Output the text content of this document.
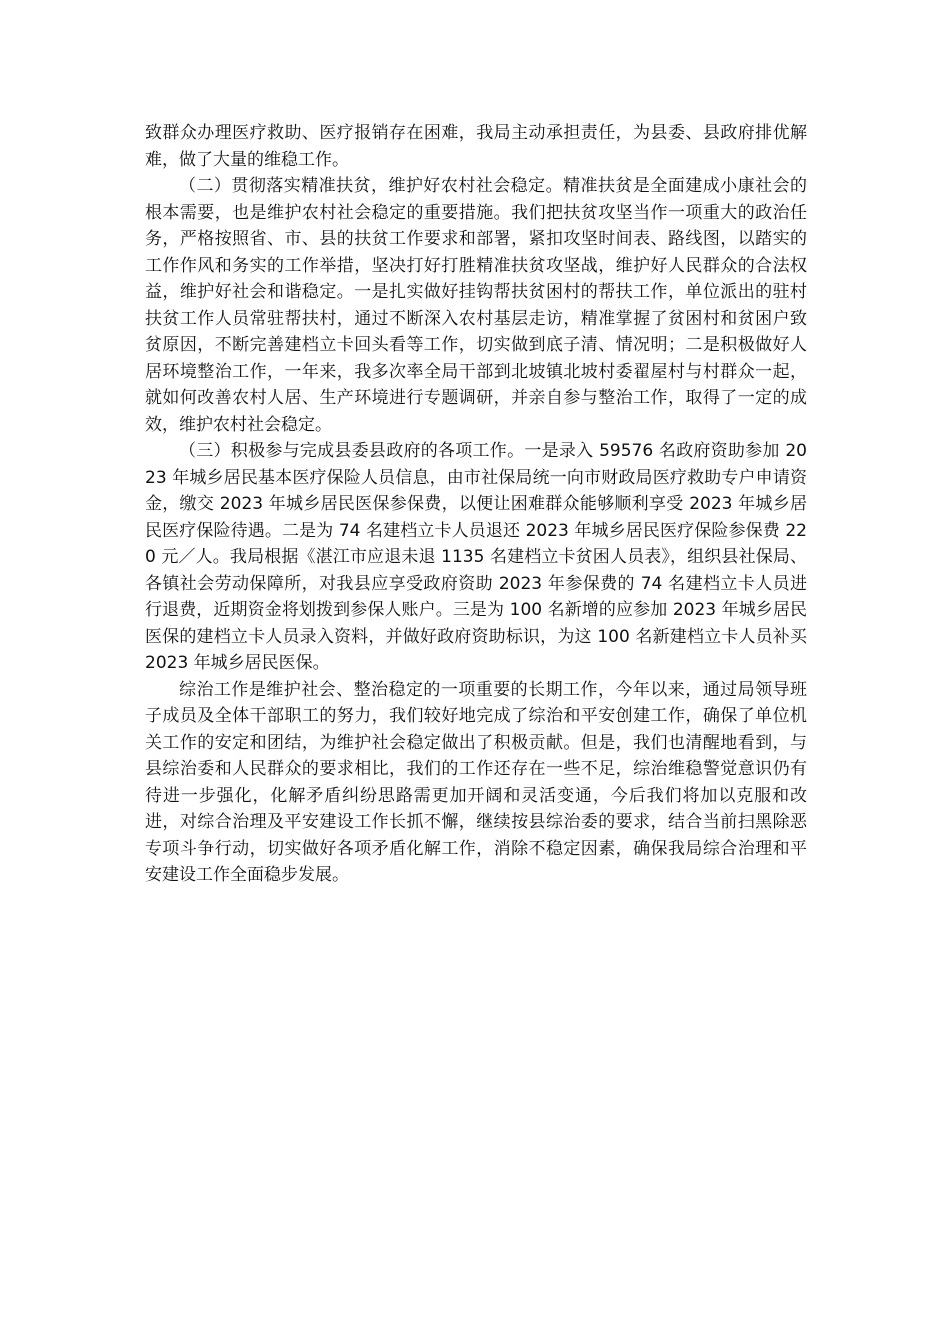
致群众办理医疗救助、医疗报销存在困难，我局主动承担责任，为县委、县政府排优解难，做了大量的维稳工作。

（二）贯彻落实精准扶贫，维护好农村社会稳定。精准扶贫是全面建成小康社会的根本需要，也是维护农村社会稳定的重要措施。我们把扶贫攻坚当作一项重大的政治任务，严格按照省、市、县的扶贫工作要求和部署，紧扣攻坚时间表、路线图，以踏实的工作作风和务实的工作举措，坚决打好打胜精准扶贫攻坚战，维护好人民群众的合法权益，维护好社会和谐稳定。一是扎实做好挂钩帮扶贫困村的帮扶工作，单位派出的驻村扶贫工作人员常驻帮扶村，通过不断深入农村基层走访，精准掌握了贫困村和贫困户致贫原因，不断完善建档立卡回头看等工作，切实做到底子清、情况明；二是积极做好人居环境整治工作，一年来，我多次率全局干部到北坡镇北坡村委翟屋村与村群众一起，就如何改善农村人居、生产环境进行专题调研，并亲自参与整治工作，取得了一定的成效，维护农村社会稳定。

（三）积极参与完成县委县政府的各项工作。一是录入 59576 名政府资助参加 2023 年城乡居民基本医疗保险人员信息，由市社保局统一向市财政局医疗救助专户申请资金，缴交 2023 年城乡居民医保参保费，以便让困难群众能够顺利享受 2023 年城乡居民医疗保险待遇。二是为 74 名建档立卡人员退还 2023 年城乡居民医疗保险参保费 220 元／人。我局根据《湛江市应退未退 1135 名建档立卡贫困人员表》，组织县社保局、各镇社会劳动保障所，对我县应享受政府资助 2023 年参保费的 74 名建档立卡人员进行退费，近期资金将划拨到参保人账户。三是为 100 名新增的应参加 2023 年城乡居民医保的建档立卡人员录入资料，并做好政府资助标识，为这 100 名新建档立卡人员补买 2023 年城乡居民医保。

综治工作是维护社会、整治稳定的一项重要的长期工作，今年以来，通过局领导班子成员及全体干部职工的努力，我们较好地完成了综治和平安创建工作，确保了单位机关工作的安定和团结，为维护社会稳定做出了积极贡献。但是，我们也清醒地看到，与县综治委和人民群众的要求相比，我们的工作还存在一些不足，综治维稳警觉意识仍有待进一步强化，化解矛盾纠纷思路需更加开阔和灵活变通，今后我们将加以克服和改进，对综合治理及平安建设工作长抓不懈，继续按县综治委的要求，结合当前扫黑除恶专项斗争行动，切实做好各项矛盾化解工作，消除不稳定因素，确保我局综合治理和平安建设工作全面稳步发展。
